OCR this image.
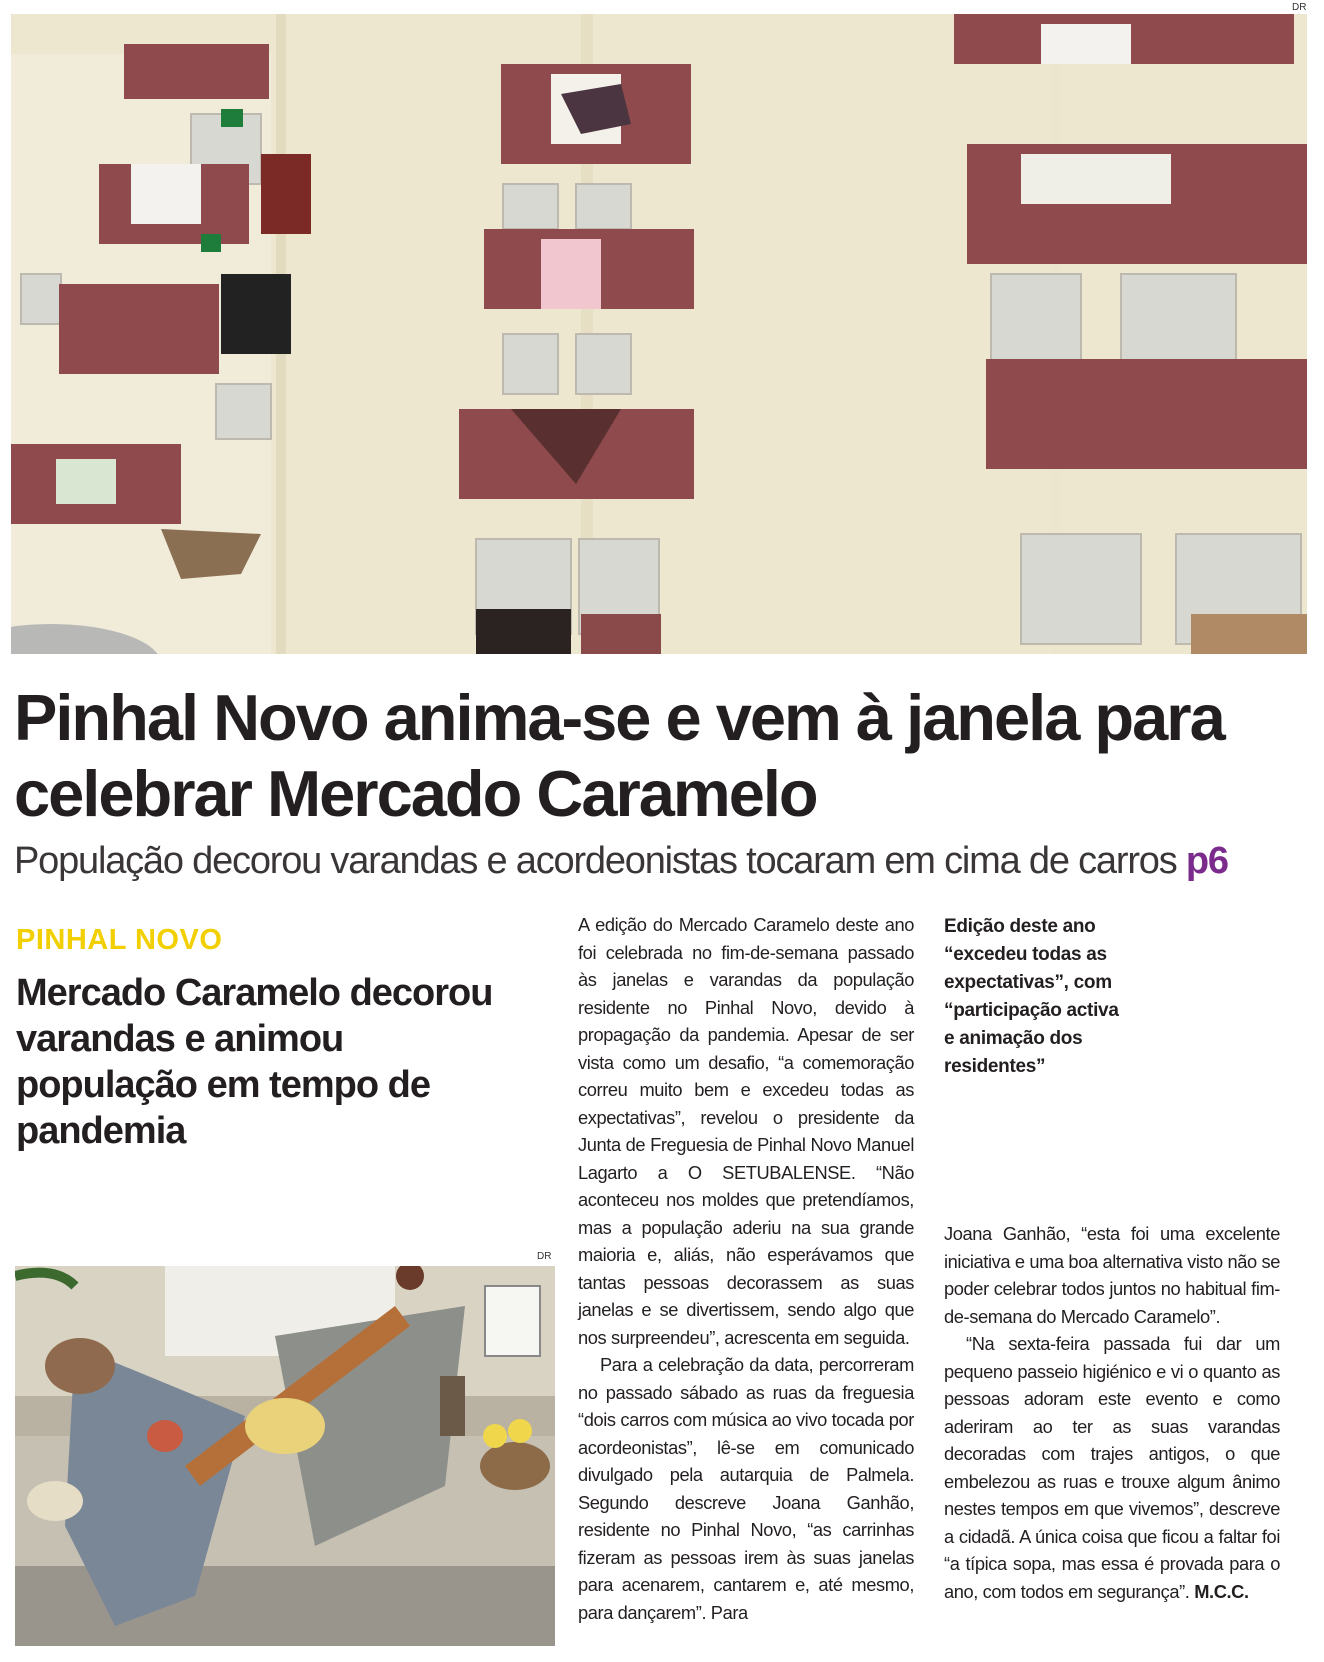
DR
Pinhal Novo anima-se e vem à janela para celebrar Mercado Caramelo
População decorou varandas e acordeonistas tocaram em cima de carros p6
PINHAL NOVO
Mercado Caramelo decorou varandas e animou população em tempo de pandemia
DR

A edição do Mercado Caramelo deste ano foi celebrada no fim-de-semana passado às janelas e varandas da população residente no Pinhal Novo, devido à propagação da pandemia. Apesar de ser vista como um desafio, “a comemoração correu muito bem e excedeu todas as expectativas”, revelou o presidente da Junta de Freguesia de Pinhal Novo Manuel Lagarto a O SETUBALENSE. “Não aconteceu nos moldes que pretendíamos, mas a população aderiu na sua grande maioria e, aliás, não esperávamos que tantas pessoas decorassem as suas janelas e se divertissem, sendo algo que nos surpreendeu”, acrescenta em seguida.

Para a celebração da data, percorreram no passado sábado as ruas da freguesia “dois carros com música ao vivo tocada por acordeonistas”, lê-se em comunicado divulgado pela autarquia de Palmela. Segundo descreve Joana Ganhão, residente no Pinhal Novo, “as carrinhas fizeram as pessoas irem às suas janelas para acenarem, cantarem e, até mesmo, para dançarem”. Para

Edição deste ano “excedeu todas as expectativas”, com “participação activa e animação dos residentes”

Joana Ganhão, “esta foi uma excelente iniciativa e uma boa alternativa visto não se poder celebrar todos juntos no habitual fim-de-semana do Mercado Caramelo”.

“Na sexta-feira passada fui dar um pequeno passeio higiénico e vi o quanto as pessoas adoram este evento e como aderiram ao ter as suas varandas decoradas com trajes antigos, o que embelezou as ruas e trouxe algum ânimo nestes tempos em que vivemos”, descreve a cidadã. A única coisa que ficou a faltar foi “a típica sopa, mas essa é provada para o ano, com todos em segurança”. M.C.C.
